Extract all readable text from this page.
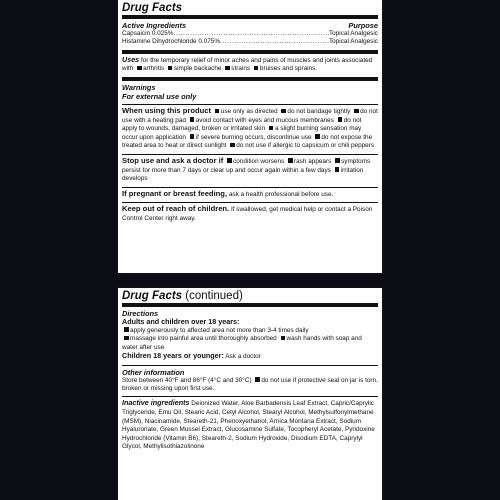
Drug Facts
Active Ingredients	Purpose
Capsaicin 0.025% .....	Topical Analgesic
Histamine Dihydrochloride 0.075% .....	Topical Analgesic
Uses for the temporary relief of minor aches and pains of muscles and joints associated with arthritis simple backache strains bruises and sprains.
Warnings
For external use only
When using this product use only as directed do not bandage tightly do not use with a heating pad avoid contact with eyes and mucous membranes do not apply to wounds, damaged, broken or irritated skin a slight burning sensation may occur upon application if severe burning occurs, discontinue use do not expose the treated area to heat or direct sunlight do not use if allergic to capsicum or chili peppers
Stop use and ask a doctor if condition worsens rash appears symptoms persist for more than 7 days or clear up and occur again within a few days irritation develops
If pregnant or breast feeding, ask a health professional before use.
Keep out of reach of children. If swallowed, get medical help or contact a Poison Control Center right away.
Drug Facts (continued)
Directions
Adults and children over 18 years:
apply generously to affected area not more than 3-4 times daily
massage into painful area until thoroughly absorbed wash hands with soap and water after use
Children 18 years or younger: Ask a doctor
Other information
Store between 40°F and 86°F (4°C and 30°C) do not use if protective seal on jar is torn, broken or missing upon first use.
Inactive ingredients Deionized Water, Aloe Barbadensis Leaf Extract, Capric/Caprylic Triglyceride, Emu Oil, Stearic Acid, Cetyl Alcohol, Stearyl Alcohol, Methylsulfonylmethane (MSM), Niacinamide, Steareth-21, Phenoxyethanol, Arnica Montana Extract, Sodium Hyaluronate, Green Mussel Extract, Glucosamine Sulfate, Tocopheryl Acetate, Pyridoxine Hydrochloride (Vitamin B6), Steareth-2, Sodium Hydroxide, Disodium EDTA, Caprylyl Glycol, Methylisothiazolinone
